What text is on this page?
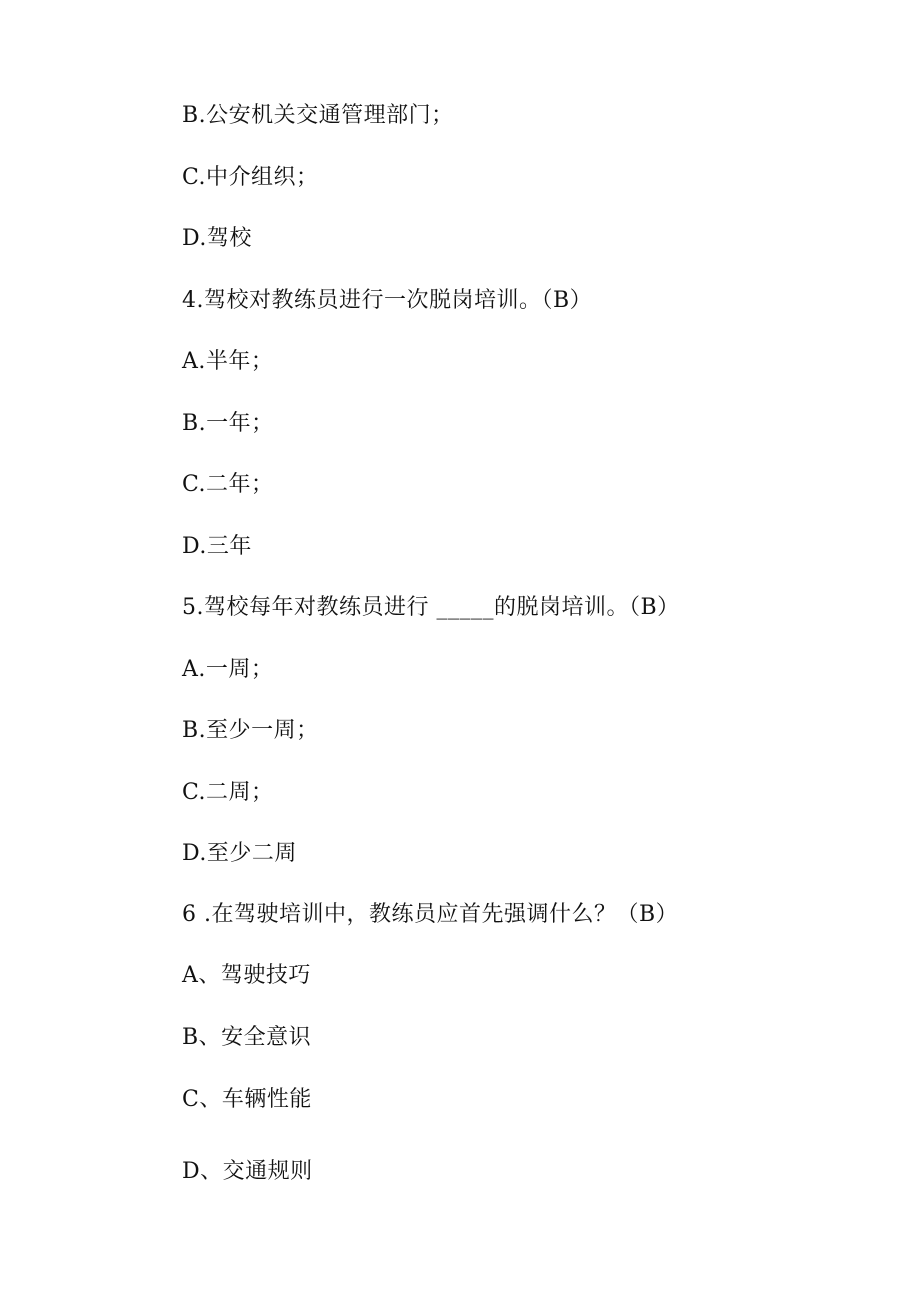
B.公安机关交通管理部门；
C.中介组织；
D.驾校
4.驾校对教练员进行一次脱岗培训。（B）
A.半年；
B.一年；
C.二年；
D.三年
5.驾校每年对教练员进行 _____的脱岗培训。（B）
A.一周；
B.至少一周；
C.二周；
D.至少二周
6 .在驾驶培训中，教练员应首先强调什么？（B）
A、驾驶技巧
B、安全意识
C、车辆性能
D、交通规则
